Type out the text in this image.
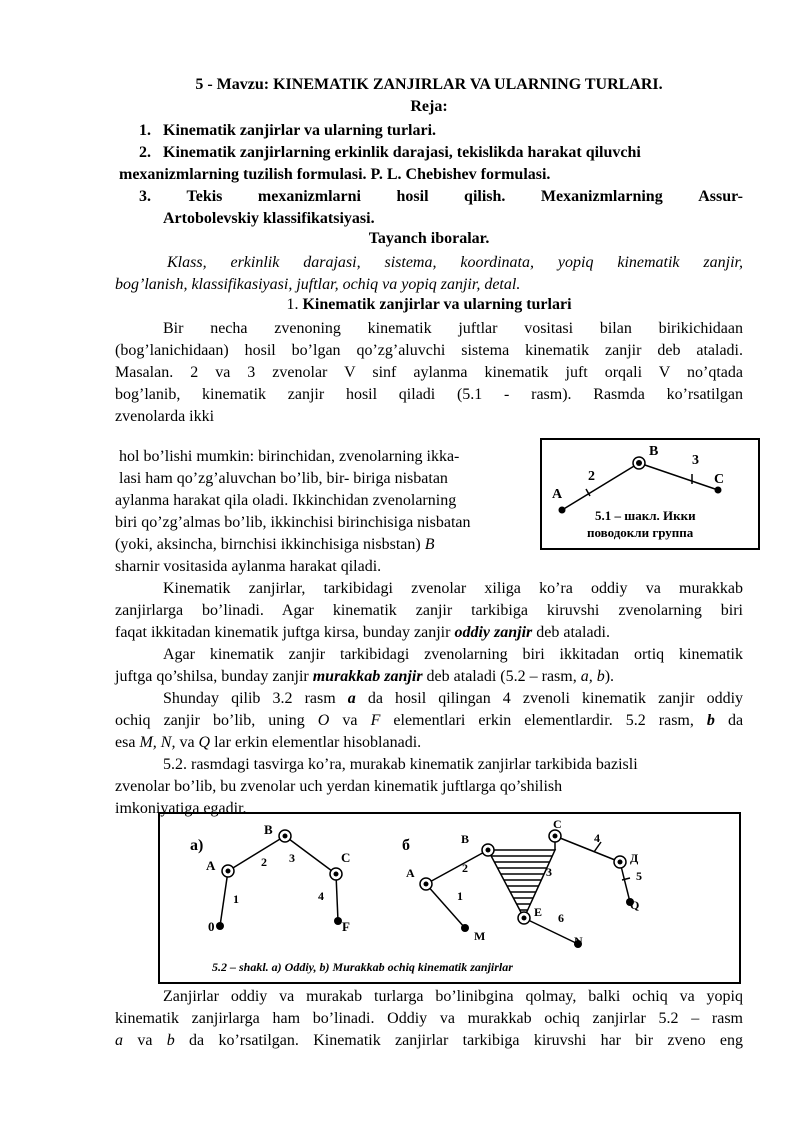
5 - Mavzu: KINEMATIK ZANJIRLAR VA ULARNING TURLARI.
Reja:
1. Kinematik zanjirlar va ularning turlari.
2. Kinematik zanjirlarning erkinlik darajasi, tekislikda harakat qiluvchi
mexanizmlarning tuzilish formulasi. P. L. Chebishev formulasi.
3. Tekis mexanizmlarni hosil qilish. Mexanizmlarning Assur-
Artobolevskiy klassifikatsiyasi.
Tayanch iboralar.
Klass, erkinlik darajasi, sistema, koordinata, yopiq kinematik zanjir,
bog’lanish, klassifikasiyasi, juftlar, ochiq va yopiq zanjir, detal.
1. Kinematik zanjirlar va ularning turlari
Bir necha zvenoning kinematik juftlar vositasi bilan birikichidaan
(bog’lanichidaan) hosil bo’lgan qo’zg’aluvchi sistema kinematik zanjir deb ataladi.
Masalan. 2 va 3 zvenolar V sinf aylanma kinematik juft orqali V no’qtada
bog’lanib, kinematik zanjir hosil qiladi (5.1 - rasm). Rasmda ko’rsatilgan
zvenolarda ikki
hol bo’lishi mumkin: birinchidan, zvenolarning ikka-
lasi ham qo’zg’aluvchan bo’lib, bir- biriga nisbatan
aylanma harakat qila oladi. Ikkinchidan zvenolarning
biri qo’zg’almas bo’lib, ikkinchisi birinchisiga nisbatan
(yoki, aksincha, birnchisi ikkinchisiga nisbstan) B
sharnir vositasida aylanma harakat qiladi.
A
B
C
2
3
5.1 – шакл. Икки
поводокли группа
Kinematik zanjirlar, tarkibidagi zvenolar xiliga ko’ra oddiy va murakkab
zanjirlarga bo’linadi. Agar kinematik zanjir tarkibiga kiruvshi zvenolarning biri
faqat ikkitadan kinematik juftga kirsa, bunday zanjir oddiy zanjir deb ataladi.
Agar kinematik zanjir tarkibidagi zvenolarning biri ikkitadan ortiq kinematik
juftga qo’shilsa, bunday zanjir murakkab zanjir deb ataladi (5.2 – rasm, a, b).
Shunday qilib 3.2 rasm a da hosil qilingan 4 zvenoli kinematik zanjir oddiy
ochiq zanjir bo’lib, uning O va F elementlari erkin elementlardir. 5.2 rasm, b da
esa M, N, va Q lar erkin elementlar hisoblanadi.
5.2. rasmdagi tasvirga ko’ra, murakab kinematik zanjirlar tarkibida bazisli
zvenolar bo’lib, bu zvenolar uch yerdan kinematik juftlarga qo’shilish
imkoniyatiga egadir.
a)
B
A
C
0	F
1
2 3
4
б	B
A
C
Д
E
M	N
Q
1
2	3
4
5
6
5.2 – shakl. a) Oddiy, b) Murakkab ochiq kinematik zanjirlar
Zanjirlar oddiy va murakab turlarga bo’linibgina qolmay, balki ochiq va yopiq
kinematik zanjirlarga ham bo’linadi. Oddiy va murakkab ochiq zanjirlar 5.2 – rasm
a va b da ko’rsatilgan. Kinematik zanjirlar tarkibiga kiruvshi har bir zveno eng
